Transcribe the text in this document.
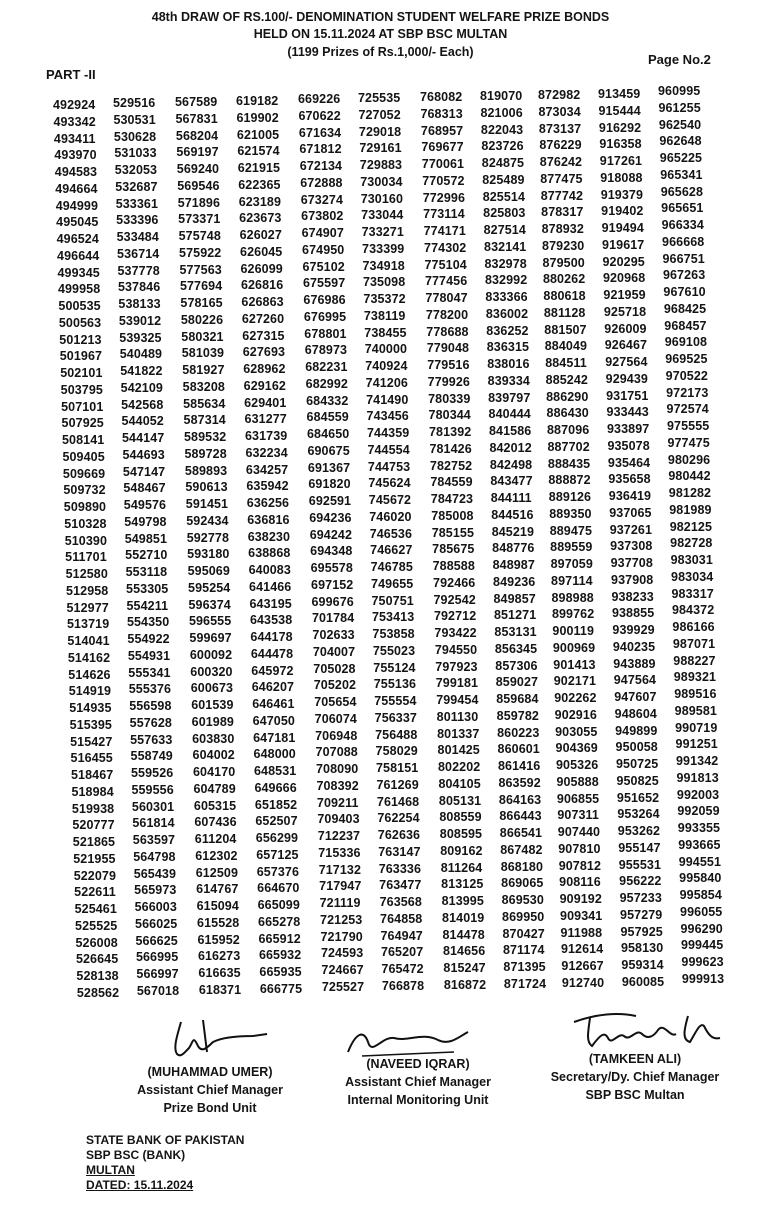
48th DRAW OF RS.100/- DENOMINATION STUDENT WELFARE PRIZE BONDS
HELD ON 15.11.2024 AT SBP BSC MULTAN
(1199 Prizes of Rs.1,000/- Each)
PART -II
Page No.2
492924
493342
493411
493970
494583
494664
494999
495045
496524
496644
499345
499958
500535
500563
501213
501967
502101
503795
507101
507925
508141
509405
509669
509732
509890
510328
510390
511701
512580
512958
512977
513719
514041
514162
514626
514919
514935
515395
515427
516455
518467
518984
519938
520777
521865
521955
522079
522611
525461
525525
526008
526645
528138
528562
529516
530531
530628
531033
532053
532687
533361
533396
533484
536714
537778
537846
538133
539012
539325
540489
541822
542109
542568
544052
544147
544693
547147
548467
549576
549798
549851
552710
553118
553305
554211
554350
554922
554931
555341
555376
556598
557628
557633
558749
559526
559556
560301
561814
563597
564798
565439
565973
566003
566025
566625
566995
566997
567018
567589
567831
568204
569197
569240
569546
571896
573371
575748
575922
577563
577694
578165
580226
580321
581039
581927
583208
585634
587314
589532
589728
589893
590613
591451
592434
592778
593180
595069
595254
596374
596555
599697
600092
600320
600673
601539
601989
603830
604002
604170
604789
605315
607436
611204
612302
612509
614767
615094
615528
615952
616273
616635
618371
619182
619902
621005
621574
621915
622365
623189
623673
626027
626045
626099
626816
626863
627260
627315
627693
628962
629162
629401
631277
631739
632234
634257
635942
636256
636816
638230
638868
640083
641466
643195
643538
644178
644478
645972
646207
646461
647050
647181
648000
648531
649666
651852
652507
656299
657125
657376
664670
665099
665278
665912
665932
665935
666775
669226
670622
671634
671812
672134
672888
673274
673802
674907
674950
675102
675597
676986
676995
678801
678973
682231
682992
684332
684559
684650
690675
691367
691820
692591
694236
694242
694348
695578
697152
699676
701784
702633
704007
705028
705202
705654
706074
706948
707088
708090
708392
709211
709403
712237
715336
717132
717947
721119
721253
721790
724593
724667
725527
725535
727052
729018
729161
729883
730034
730160
733044
733271
733399
734918
735098
735372
738119
738455
740000
740924
741206
741490
743456
744359
744554
744753
745624
745672
746020
746536
746627
746785
749655
750751
753413
753858
755023
755124
755136
755554
756337
756488
758029
758151
761269
761468
762254
762636
763147
763336
763477
763568
764858
764947
765207
765472
766878
768082
768313
768957
769677
770061
770572
772996
773114
774171
774302
775104
777456
778047
778200
778688
779048
779516
779926
780339
780344
781392
781426
782752
784559
784723
785008
785155
785675
788588
792466
792542
792712
793422
794550
797923
799181
799454
801130
801337
801425
802202
804105
805131
808559
808595
809162
811264
813125
813995
814019
814478
814656
815247
816872
819070
821006
822043
823726
824875
825489
825514
825803
827514
832141
832978
832992
833366
836002
836252
836315
838016
839334
839797
840444
841586
842012
842498
843477
844111
844516
845219
848776
848987
849236
849857
851271
853131
856345
857306
859027
859684
859782
860223
860601
861416
863592
864163
866443
866541
867482
868180
869065
869530
869950
870427
871174
871395
871724
872982
873034
873137
876229
876242
877475
877742
878317
878932
879230
879500
880262
880618
881128
881507
884049
884511
885242
886290
886430
887096
887702
888435
888872
889126
889350
889475
889559
897059
897114
898988
899762
900119
900969
901413
902171
902262
902916
903055
904369
905326
905888
906855
907311
907440
907810
907812
908116
909192
909341
911988
912614
912667
912740
913459
915444
916292
916358
917261
918088
919379
919402
919494
919617
920295
920968
921959
925718
926009
926467
927564
929439
931751
933443
933897
935078
935464
935658
936419
937065
937261
937308
937708
937908
938233
938855
939929
940235
943889
947564
947607
948604
949899
950058
950725
950825
951652
953264
953262
955147
955531
956222
957233
957279
957925
958130
959314
960085
960995
961255
962540
962648
965225
965341
965628
965651
966334
966668
966751
967263
967610
968425
968457
969108
969525
970522
972173
972574
975555
977475
980296
980442
981282
981989
982125
982728
983031
983034
983317
984372
986166
987071
988227
989321
989516
989581
990719
991251
991342
991813
992003
992059
993355
993665
994551
995840
995854
996055
996290
999445
999623
999913
(MUHAMMAD UMER)
Assistant Chief Manager
Prize Bond Unit
(NAVEED IQRAR)
Assistant Chief Manager
Internal Monitoring Unit
(TAMKEEN ALI)
Secretary/Dy. Chief Manager
SBP BSC Multan
STATE BANK OF PAKISTAN
SBP BSC (BANK)
MULTAN
DATED: 15.11.2024
